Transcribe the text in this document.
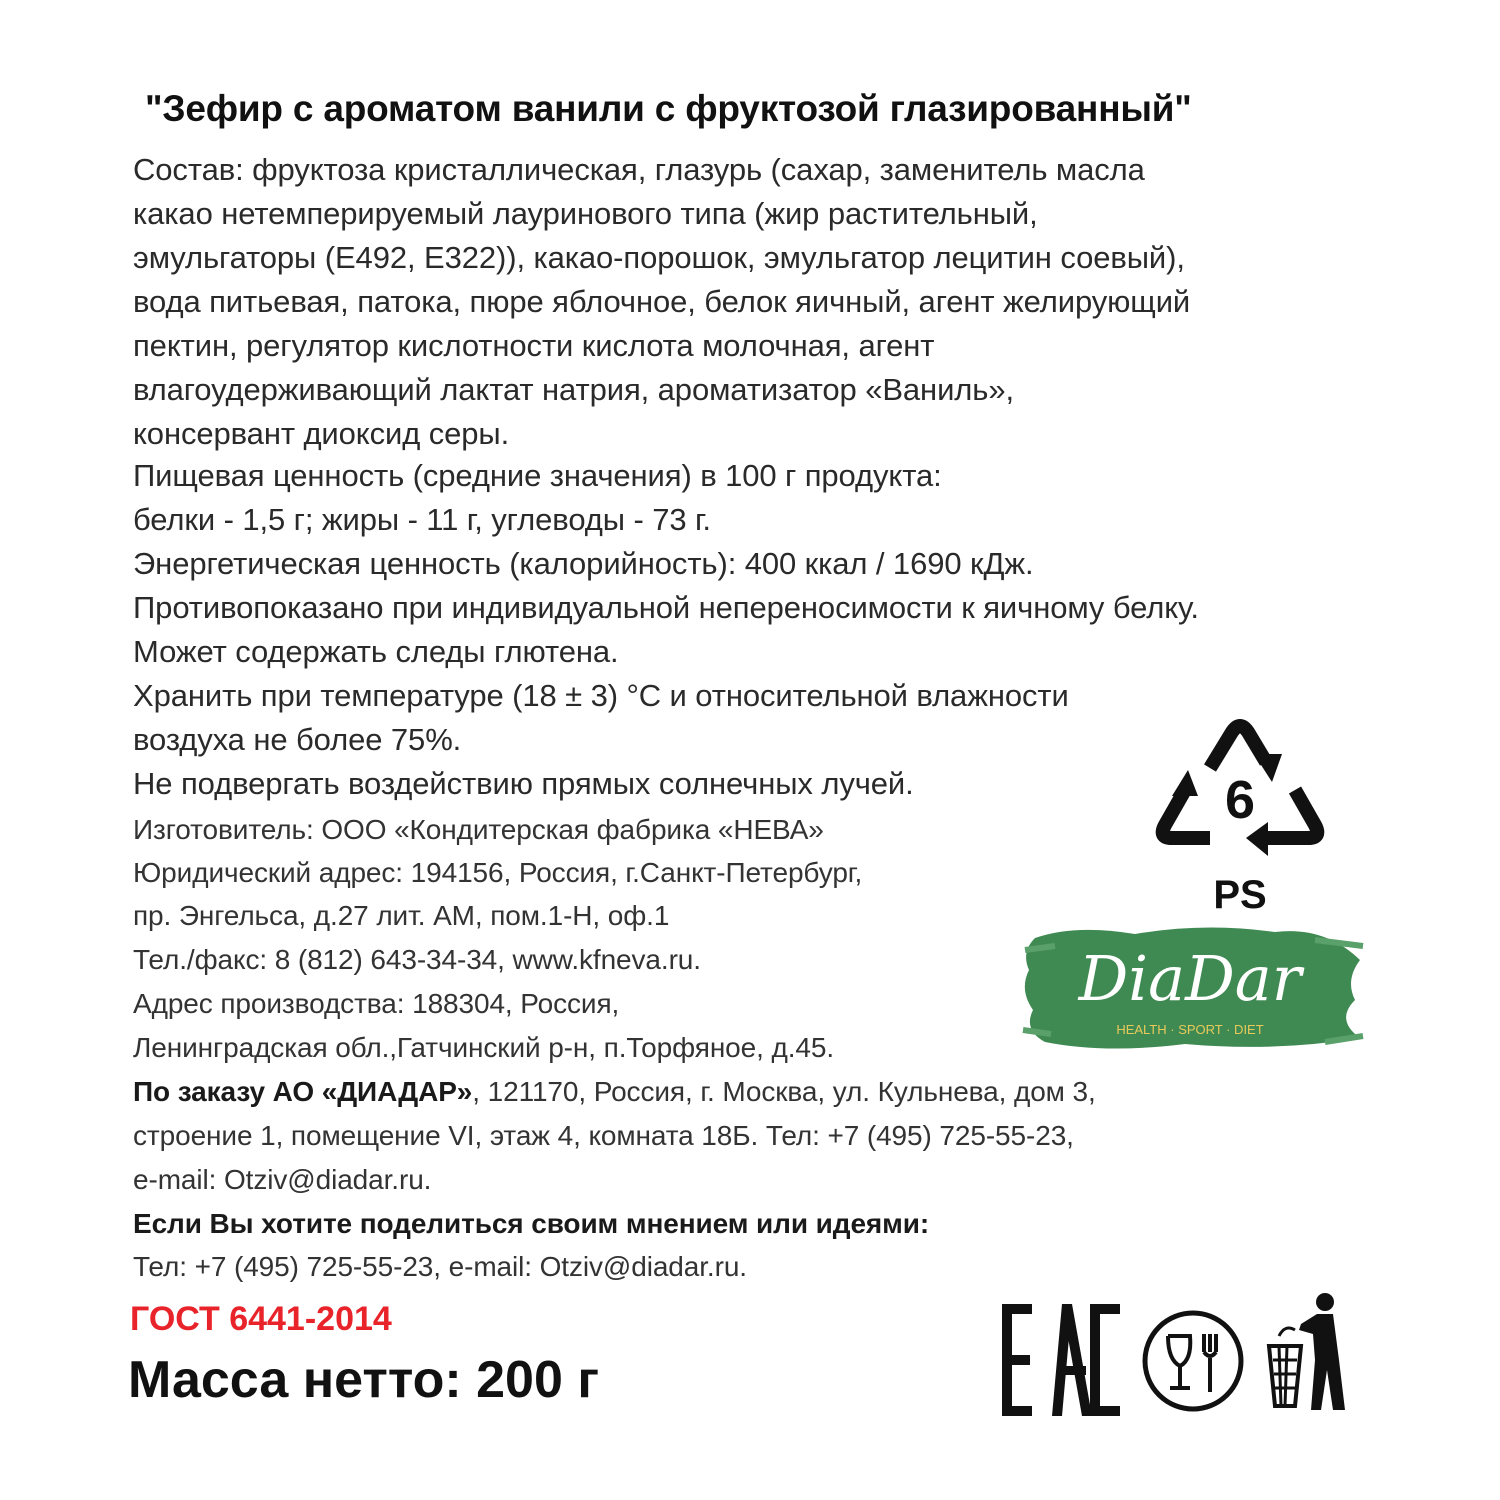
"Зефир с ароматом ванили с фруктозой глазированный"
Состав: фруктоза кристаллическая, глазурь (сахар, заменитель масла
какао нетемперируемый лауринового типа (жир растительный,
эмульгаторы (Е492, Е322)), какао-порошок, эмульгатор лецитин соевый),
вода питьевая, патока, пюре яблочное, белок яичный, агент желирующий
пектин, регулятор кислотности кислота молочная, агент
влагоудерживающий лактат натрия, ароматизатор «Ваниль»,
консервант диоксид серы.
Пищевая ценность (средние значения) в 100 г продукта:
белки - 1,5 г; жиры - 11 г, углеводы - 73 г.
Энергетическая ценность (калорийность): 400 ккал / 1690 кДж.
Противопоказано при индивидуальной непереносимости к яичному белку.
Может содержать следы глютена.
Хранить при температуре (18 ± 3) °С и относительной влажности
воздуха не более 75%.
Не подвергать воздействию прямых солнечных лучей.
Изготовитель: ООО «Кондитерская фабрика «НЕВА»
Юридический адрес: 194156, Россия, г.Санкт-Петербург,
пр. Энгельса, д.27 лит. АМ, пом.1-Н, оф.1
Тел./факс: 8 (812) 643-34-34, www.kfneva.ru.
Адрес производства: 188304, Россия,
Ленинградская обл.,Гатчинский р-н, п.Торфяное, д.45.
По заказу АО «ДИАДАР», 121170, Россия, г. Москва, ул. Кульнева, дом 3,
строение 1, помещение VI, этаж 4, комната 18Б. Тел: +7 (495) 725-55-23,
e-mail: Otziv@diadar.ru.
Если Вы хотите поделиться своим мнением или идеями:
Тел: +7 (495) 725-55-23, e-mail: Otziv@diadar.ru.
ГОСТ 6441-2014
Масса нетто: 200 г
6
PS
DiaDar
HEALTH · SPORT · DIET
